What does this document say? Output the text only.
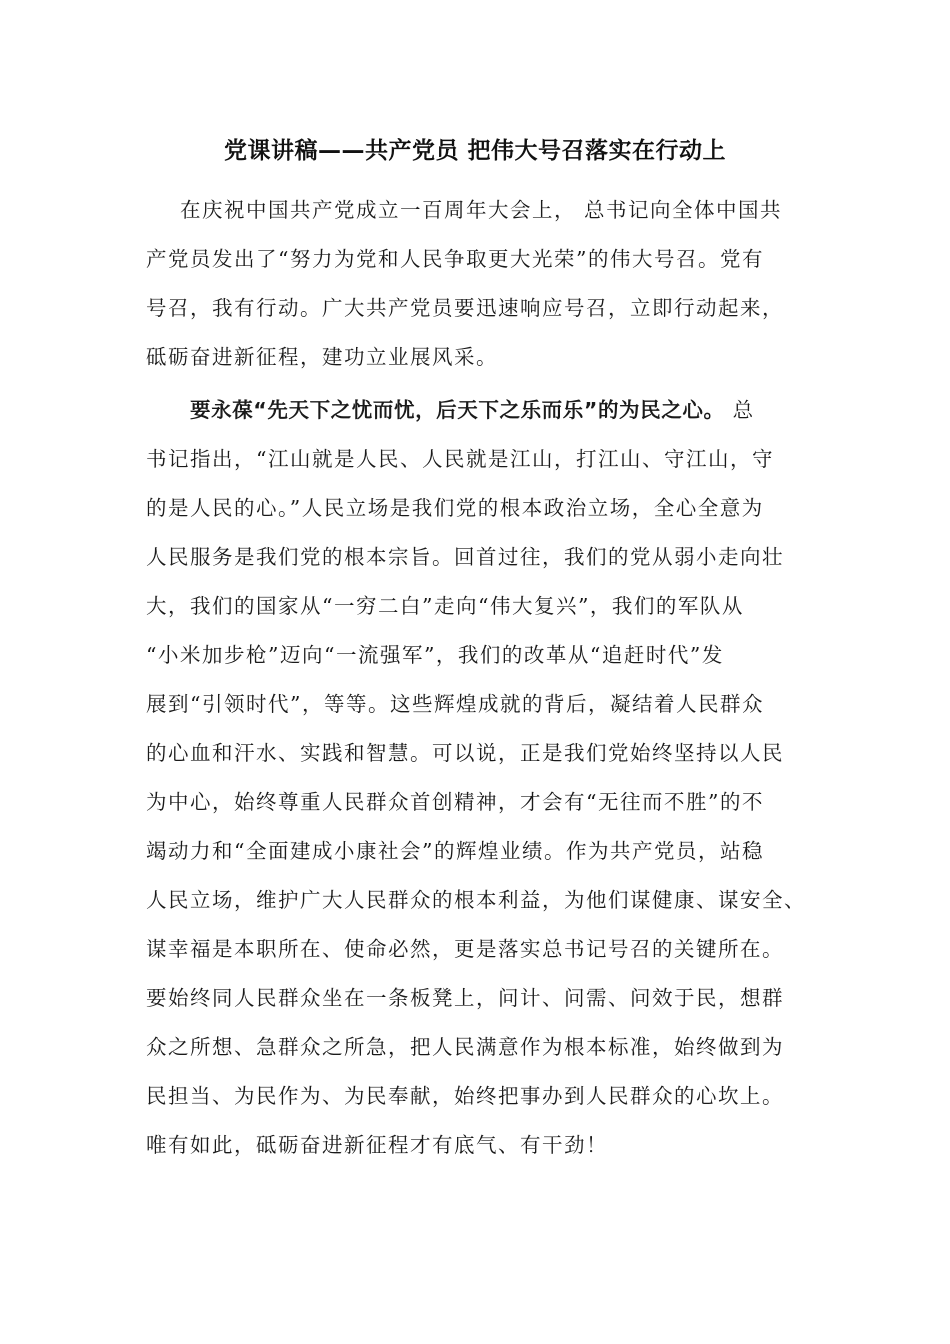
党课讲稿——共产党员 把伟大号召落实在行动上
在庆祝中国共产党成立一百周年大会上， 总书记向全体中国共
产党员发出了“努力为党和人民争取更大光荣”的伟大号召。党有
号召，我有行动。广大共产党员要迅速响应号召，立即行动起来，
砥砺奋进新征程，建功立业展风采。
要永葆“先天下之忧而忧，后天下之乐而乐”的为民之心。 总
书记指出，“江山就是人民、人民就是江山，打江山、守江山，守
的是人民的心。”人民立场是我们党的根本政治立场，全心全意为
人民服务是我们党的根本宗旨。回首过往，我们的党从弱小走向壮
大，我们的国家从“一穷二白”走向“伟大复兴”，我们的军队从
“小米加步枪”迈向“一流强军”，我们的改革从“追赶时代”发
展到“引领时代”，等等。这些辉煌成就的背后，凝结着人民群众
的心血和汗水、实践和智慧。可以说，正是我们党始终坚持以人民
为中心，始终尊重人民群众首创精神，才会有“无往而不胜”的不
竭动力和“全面建成小康社会”的辉煌业绩。作为共产党员，站稳
人民立场，维护广大人民群众的根本利益，为他们谋健康、谋安全、
谋幸福是本职所在、使命必然，更是落实总书记号召的关键所在。
要始终同人民群众坐在一条板凳上，问计、问需、问效于民，想群
众之所想、急群众之所急，把人民满意作为根本标准，始终做到为
民担当、为民作为、为民奉献，始终把事办到人民群众的心坎上。
唯有如此，砥砺奋进新征程才有底气、有干劲！
